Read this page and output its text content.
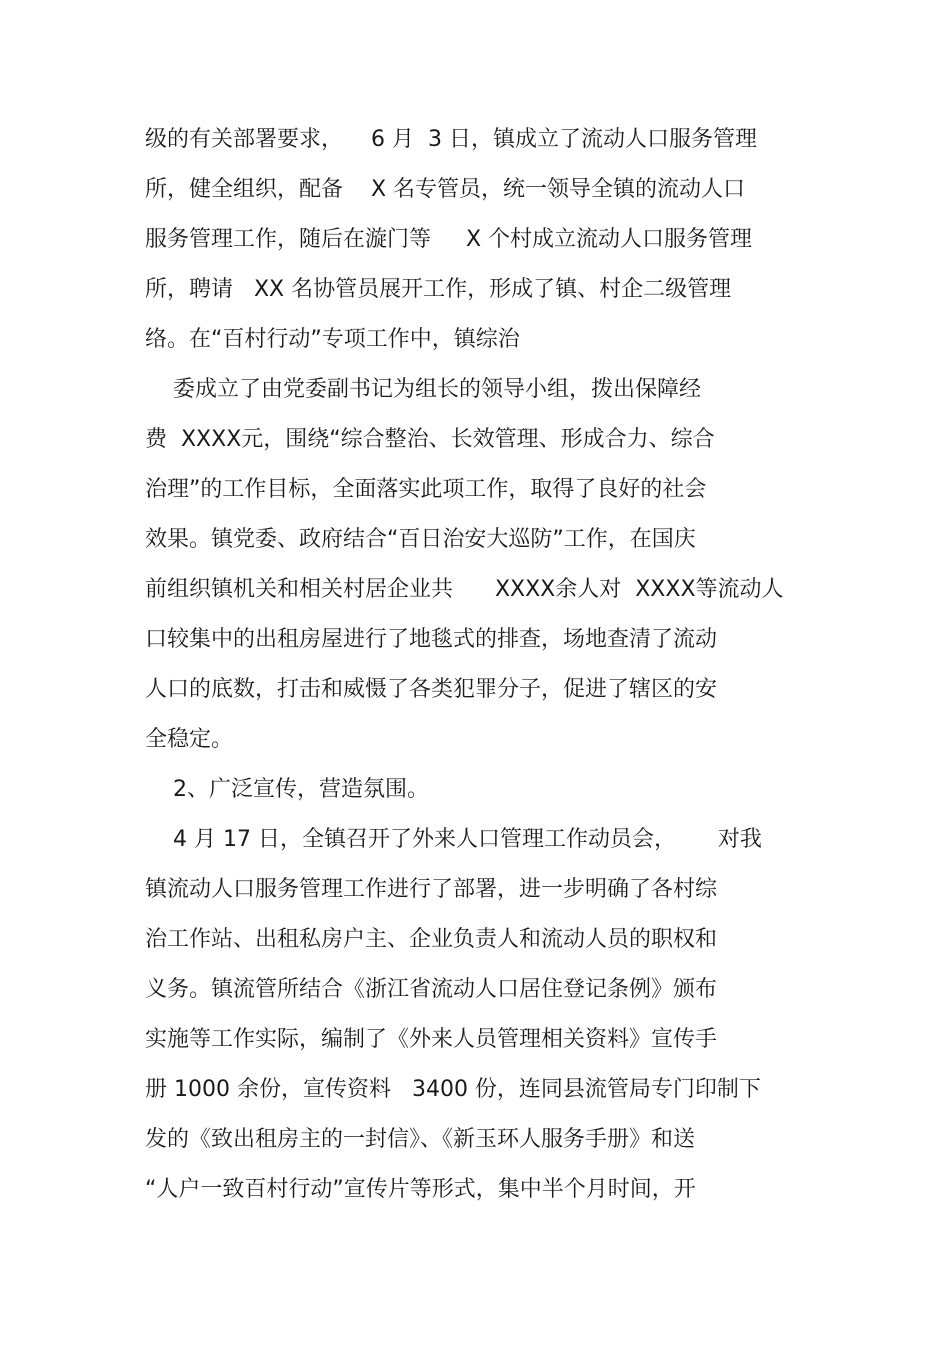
级的有关部署要求，    6 月  3 日，镇成立了流动人口服务管理
所，健全组织，配备    X 名专管员，统一领导全镇的流动人口
服务管理工作，随后在漩门等     X 个村成立流动人口服务管理
所，聘请   XX 名协管员展开工作，形成了镇、村企二级管理
络。在“百村行动”专项工作中，镇综治
委成立了由党委副书记为组长的领导小组，拨出保障经
费  XXXX元，围绕“综合整治、长效管理、形成合力、综合
治理”的工作目标，全面落实此项工作，取得了良好的社会
效果。镇党委、政府结合“百日治安大巡防”工作，在国庆
前组织镇机关和相关村居企业共      XXXX余人对  XXXX等流动人
口较集中的出租房屋进行了地毯式的排查，场地查清了流动
人口的底数，打击和威慑了各类犯罪分子，促进了辖区的安
全稳定。
2、广泛宣传，营造氛围。
4 月 17 日，全镇召开了外来人口管理工作动员会，      对我
镇流动人口服务管理工作进行了部署，进一步明确了各村综
治工作站、出租私房户主、企业负责人和流动人员的职权和
义务。镇流管所结合《浙江省流动人口居住登记条例》颁布
实施等工作实际，编制了《外来人员管理相关资料》宣传手
册 1000 余份，宣传资料   3400 份，连同县流管局专门印制下
发的《致出租房主的一封信》、《新玉环人服务手册》和送
“人户一致百村行动”宣传片等形式，集中半个月时间，开
